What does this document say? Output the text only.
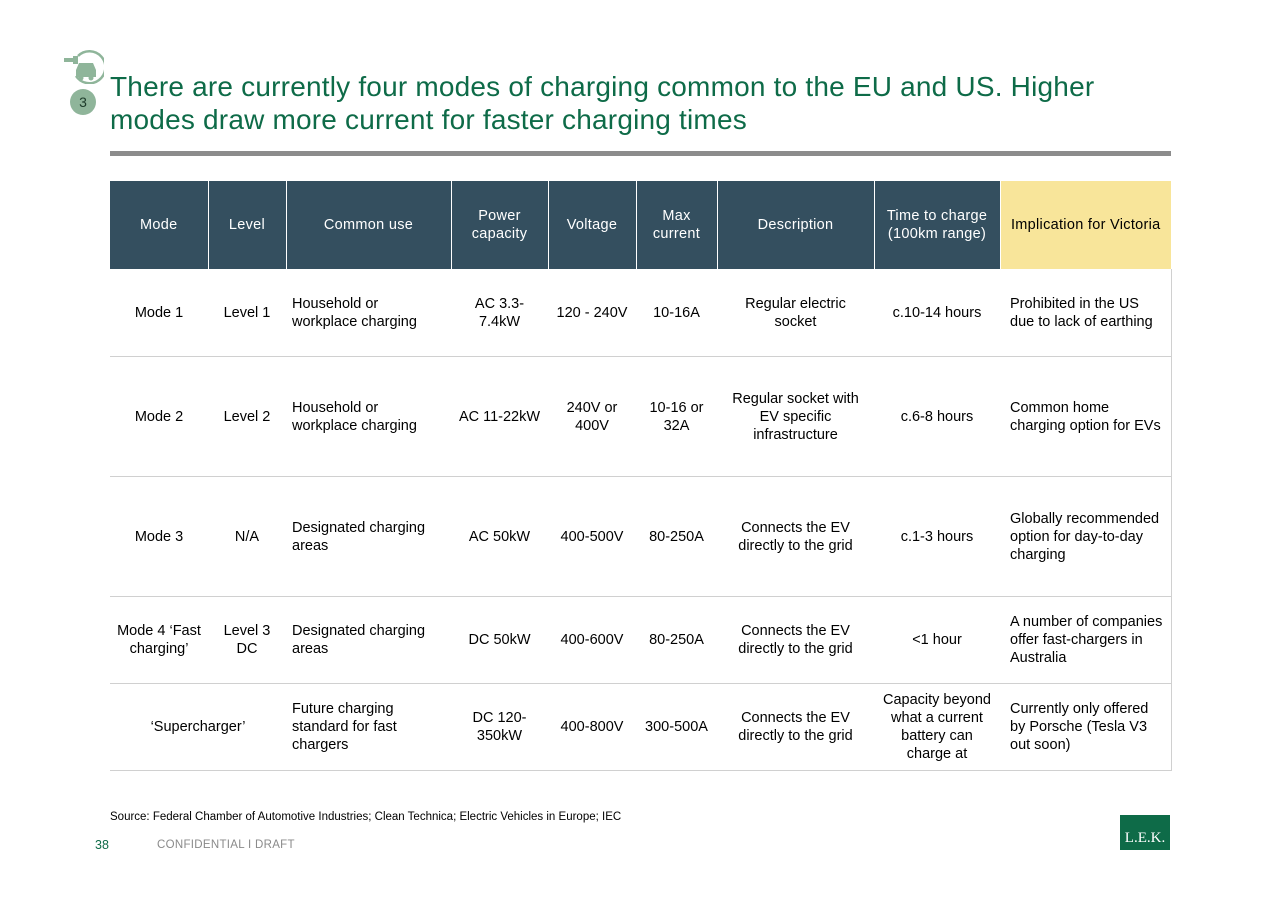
3 There are currently four modes of charging common to the EU and US. Higher modes draw more current for faster charging times
Mode	Level	Common use	Power capacity	Voltage	Max current	Description	Time to charge (100km range)	Implication for Victoria
Mode 1	Level 1	Household or workplace charging	AC 3.3-7.4kW	120 - 240V	10-16A	Regular electric socket	c.10-14 hours	Prohibited in the US due to lack of earthing
Mode 2	Level 2	Household or workplace charging	AC 11-22kW	240V or 400V	10-16 or 32A	Regular socket with EV specific infrastructure	c.6-8 hours	Common home charging option for EVs
Mode 3	N/A	Designated charging areas	AC 50kW	400-500V	80-250A	Connects the EV directly to the grid	c.1-3 hours	Globally recommended option for day-to-day charging
Mode 4 ‘Fast charging’	Level 3 DC	Designated charging areas	DC 50kW	400-600V	80-250A	Connects the EV directly to the grid	<1 hour	A number of companies offer fast-chargers in Australia
‘Supercharger’		Future charging standard for fast chargers	DC 120-350kW	400-800V	300-500A	Connects the EV directly to the grid	Capacity beyond what a current battery can charge at	Currently only offered by Porsche (Tesla V3 out soon)
Source: Federal Chamber of Automotive Industries; Clean Technica; Electric Vehicles in Europe; IEC
38	CONFIDENTIAL I DRAFT	L.E.K.
